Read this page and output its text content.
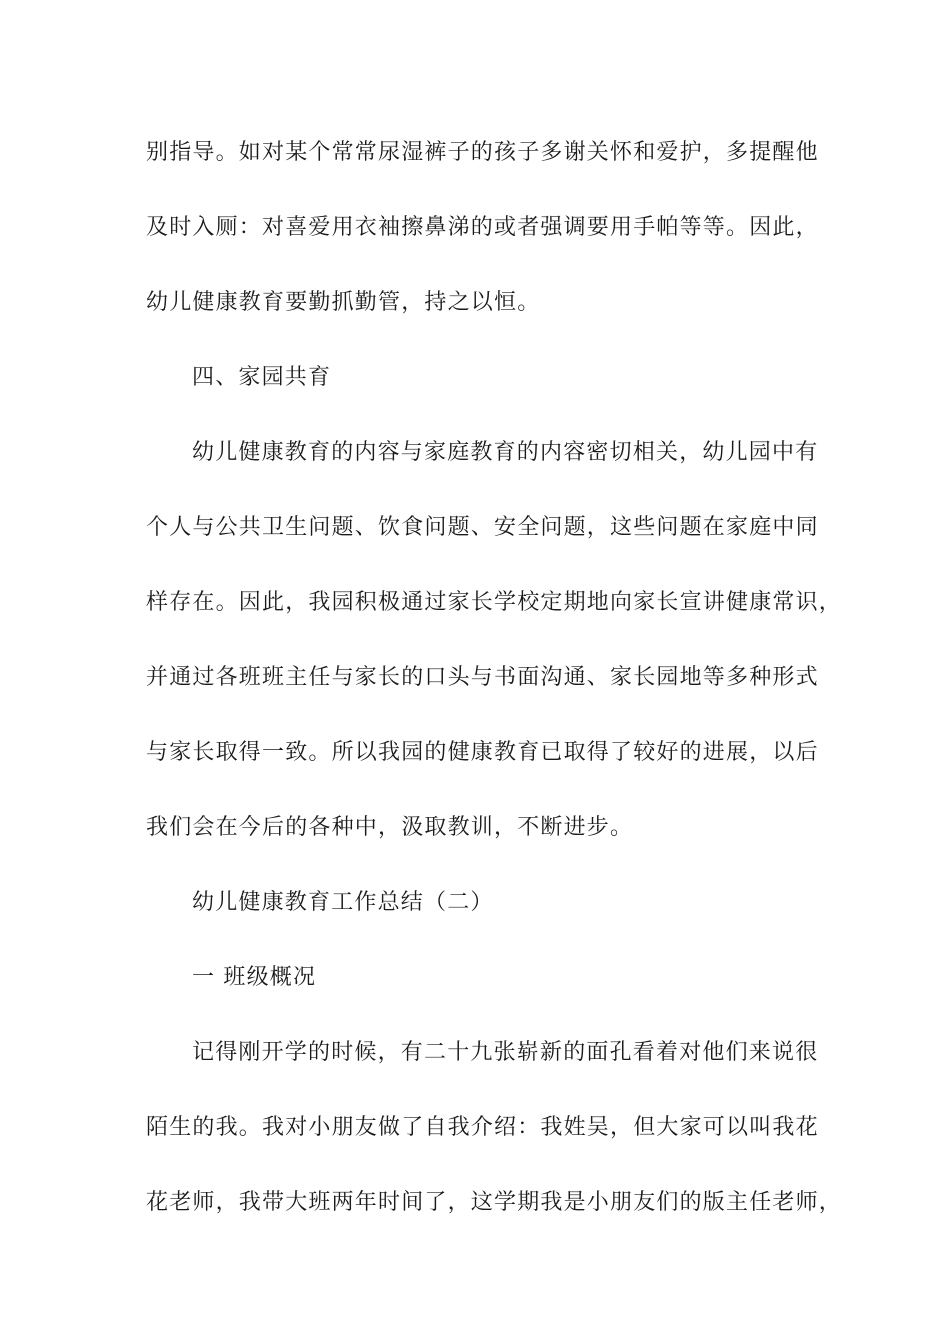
别指导。如对某个常常尿湿裤子的孩子多谢关怀和爱护，多提醒他
及时入厕：对喜爱用衣袖擦鼻涕的或者强调要用手帕等等。因此，
幼儿健康教育要勤抓勤管，持之以恒。
四、家园共育
幼儿健康教育的内容与家庭教育的内容密切相关，幼儿园中有
个人与公共卫生问题、饮食问题、安全问题，这些问题在家庭中同
样存在。因此，我园积极通过家长学校定期地向家长宣讲健康常识，
并通过各班班主任与家长的口头与书面沟通、家长园地等多种形式
与家长取得一致。所以我园的健康教育已取得了较好的进展，以后
我们会在今后的各种中，汲取教训，不断进步。
幼儿健康教育工作总结（二）
一 班级概况
记得刚开学的时候，有二十九张崭新的面孔看着对他们来说很
陌生的我。我对小朋友做了自我介绍：我姓吴，但大家可以叫我花
花老师，我带大班两年时间了，这学期我是小朋友们的版主任老师，
